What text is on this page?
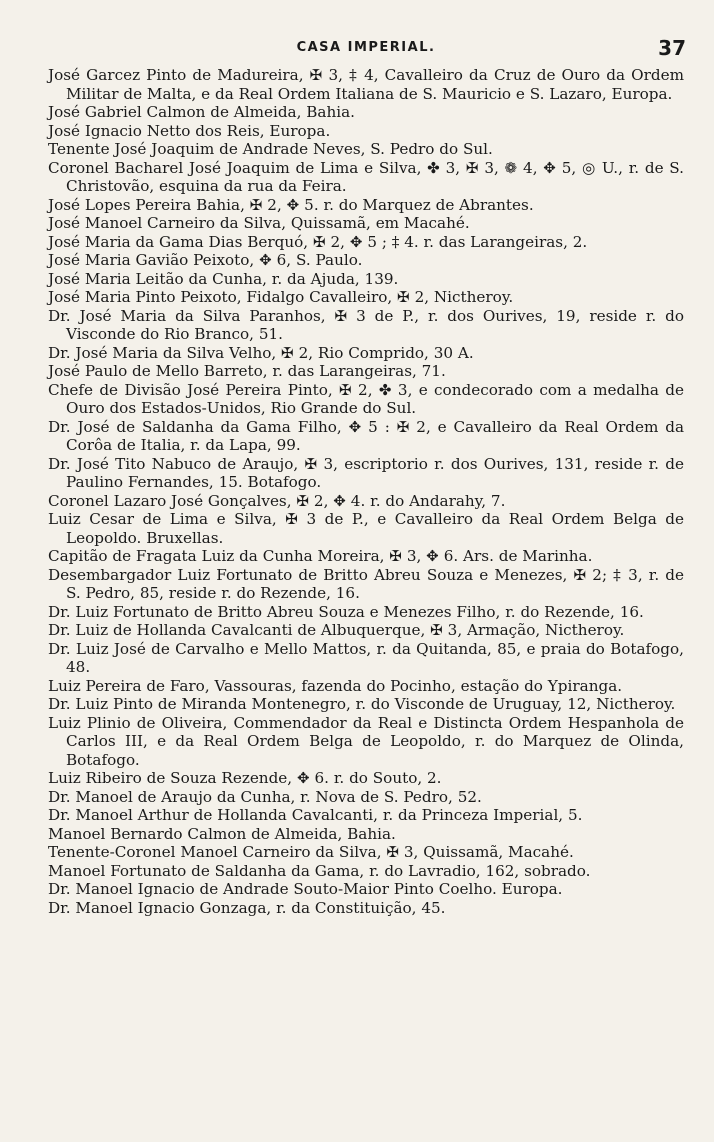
CASA IMPERIAL.	37

José Garcez Pinto de Madureira, ✠ 3, ‡ 4, Cavalleiro da Cruz de Ouro da Ordem Militar de Malta, e da Real Ordem Italiana de S. Mauricio e S. Lazaro, Europa.

José Gabriel Calmon de Almeida, Bahia.

José Ignacio Netto dos Reis, Europa.

Tenente José Joaquim de Andrade Neves, S. Pedro do Sul.

Coronel Bacharel José Joaquim de Lima e Silva, ✤ 3, ✠ 3, ❁ 4, ✥ 5, ◎ U., r. de S. Christovão, esquina da rua da Feira.

José Lopes Pereira Bahia, ✠ 2, ✥ 5. r. do Marquez de Abrantes.

José Manoel Carneiro da Silva, Quissamã, em Macahé.

José Maria da Gama Dias Berquó, ✠ 2, ✥ 5 ; ‡ 4. r. das Larangeiras, 2.

José Maria Gavião Peixoto, ✥ 6, S. Paulo.

José Maria Leitão da Cunha, r. da Ajuda, 139.

José Maria Pinto Peixoto, Fidalgo Cavalleiro, ✠ 2, Nictheroy.

Dr. José Maria da Silva Paranhos, ✠ 3 de P., r. dos Ourives, 19, reside r. do Visconde do Rio Branco, 51.

Dr. José Maria da Silva Velho, ✠ 2, Rio Comprido, 30 A.

José Paulo de Mello Barreto, r. das Larangeiras, 71.

Chefe de Divisão José Pereira Pinto, ✠ 2, ✤ 3, e condecorado com a medalha de Ouro dos Estados-Unidos, Rio Grande do Sul.

Dr. José de Saldanha da Gama Filho, ✥ 5 : ✠ 2, e Cavalleiro da Real Ordem da Corôa de Italia, r. da Lapa, 99.

Dr. José Tito Nabuco de Araujo, ✠ 3, escriptorio r. dos Ourives, 131, reside r. de Paulino Fernandes, 15. Botafogo.

Coronel Lazaro José Gonçalves, ✠ 2, ✥ 4. r. do Andarahy, 7.

Luiz Cesar de Lima e Silva, ✠ 3 de P., e Cavalleiro da Real Ordem Belga de Leopoldo. Bruxellas.

Capitão de Fragata Luiz da Cunha Moreira, ✠ 3, ✥ 6. Ars. de Marinha.

Desembargador Luiz Fortunato de Britto Abreu Souza e Menezes, ✠ 2; ‡ 3, r. de S. Pedro, 85, reside r. do Rezende, 16.

Dr. Luiz Fortunato de Britto Abreu Souza e Menezes Filho, r. do Rezende, 16.

Dr. Luiz de Hollanda Cavalcanti de Albuquerque, ✠ 3, Armação, Nictheroy.

Dr. Luiz José de Carvalho e Mello Mattos, r. da Quitanda, 85, e praia do Botafogo, 48.

Luiz Pereira de Faro, Vassouras, fazenda do Pocinho, estação do Ypiranga.

Dr. Luiz Pinto de Miranda Montenegro, r. do Visconde de Uruguay, 12, Nictheroy.

Luiz Plinio de Oliveira, Commendador da Real e Distincta Ordem Hespanhola de Carlos III, e da Real Ordem Belga de Leopoldo, r. do Marquez de Olinda, Botafogo.

Luiz Ribeiro de Souza Rezende, ✥ 6. r. do Souto, 2.

Dr. Manoel de Araujo da Cunha, r. Nova de S. Pedro, 52.

Dr. Manoel Arthur de Hollanda Cavalcanti, r. da Princeza Imperial, 5.

Manoel Bernardo Calmon de Almeida, Bahia.

Tenente-Coronel Manoel Carneiro da Silva, ✠ 3, Quissamã, Macahé.

Manoel Fortunato de Saldanha da Gama, r. do Lavradio, 162, sobrado.

Dr. Manoel Ignacio de Andrade Souto-Maior Pinto Coelho. Europa.

Dr. Manoel Ignacio Gonzaga, r. da Constituição, 45.
